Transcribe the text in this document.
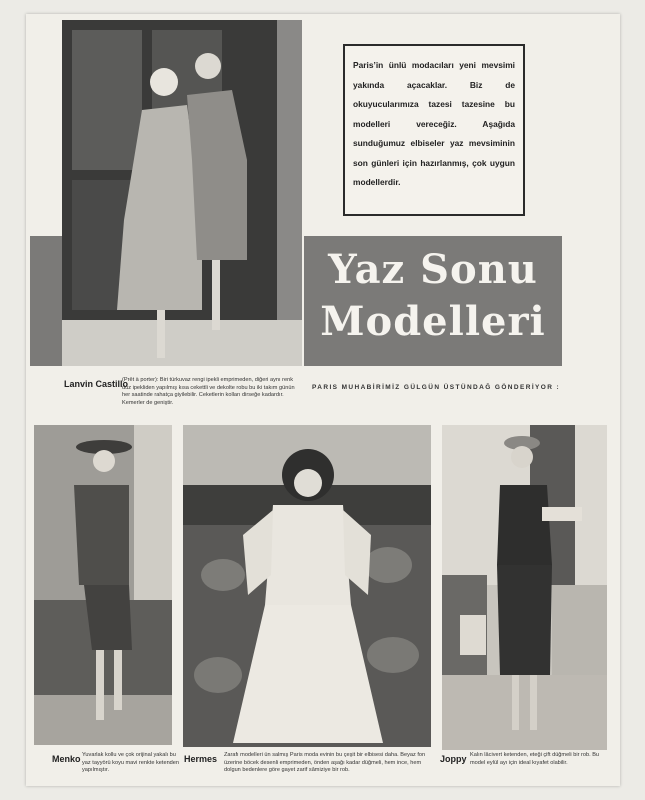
Paris’in ünlü modacıları yeni mevsimi yakında açacaklar. Biz de okuyucularımıza tazesi tazesine bu modelleri vereceğiz. Aşağıda sunduğumuz elbiseler yaz mevsiminin son günleri için hazırlanmış, çok uygun modellerdir.
Yaz Sonu
Modelleri
Lanvin Castillo
(Prêt à porter): Biri türkuvaz rengi ipekli emprimeden, diğeri aynı renk düz ipekliden yapılmış kısa cekettli ve dekolte robu bu iki takım günün her saatinde rahatça giyilebilir. Ceketlerin kolları dirseğe kadardır. Kemerler de geniştir.
PARIS MUHABİRİMİZ GÜLGÜN ÜSTÜNDAĞ GÖNDERİYOR :
Menko Yuvarlak kollu ve çok orijinal yakalı bu yaz tayyörü koyu mavi renkte ketenden yapılmıştır.
Hermes Zarafı modelleri ün salmış Paris moda evinin bu çeşit bir elbisesi daha. Beyaz fon üzerine böcek desenli emprimeden, önden aşağı kadar düğmeli, hem ince, hem dolgun bedenlere göre gayet zarif sâmiziye bir rob.
Joppy Kalın lâcivert ketenden, eteği çift düğmeli bir rob. Bu model eylül ayı için ideal kıyafet olabilir.
